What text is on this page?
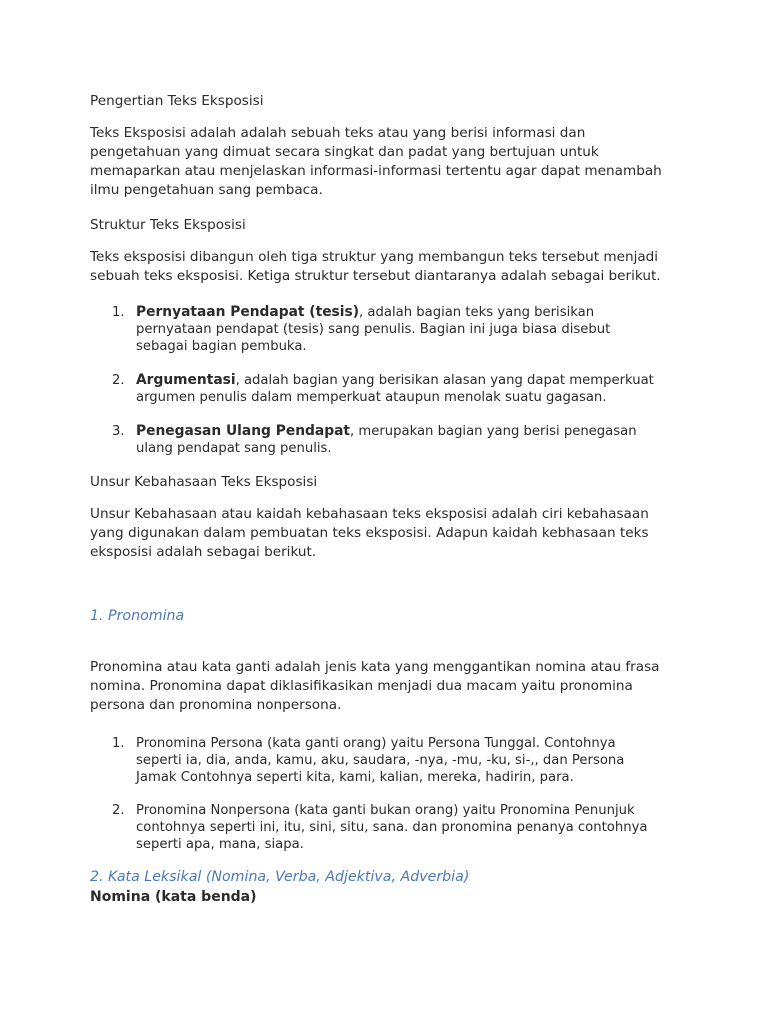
Pengertian Teks Eksposisi

Teks Eksposisi adalah adalah sebuah teks atau yang berisi informasi dan
pengetahuan yang dimuat secara singkat dan padat yang bertujuan untuk
memaparkan atau menjelaskan informasi-informasi tertentu agar dapat menambah
ilmu pengetahuan sang pembaca.

Struktur Teks Eksposisi

Teks eksposisi dibangun oleh tiga struktur yang membangun teks tersebut menjadi
sebuah teks eksposisi. Ketiga struktur tersebut diantaranya adalah sebagai berikut.

1. Pernyataan Pendapat (tesis), adalah bagian teks yang berisikan
pernyataan pendapat (tesis) sang penulis. Bagian ini juga biasa disebut
sebagai bagian pembuka.
2. Argumentasi, adalah bagian yang berisikan alasan yang dapat memperkuat
argumen penulis dalam memperkuat ataupun menolak suatu gagasan.
3. Penegasan Ulang Pendapat, merupakan bagian yang berisi penegasan
ulang pendapat sang penulis.

Unsur Kebahasaan Teks Eksposisi

Unsur Kebahasaan atau kaidah kebahasaan teks eksposisi adalah ciri kebahasaan
yang digunakan dalam pembuatan teks eksposisi. Adapun kaidah kebhasaan teks
eksposisi adalah sebagai berikut.

1. Pronomina

Pronomina atau kata ganti adalah jenis kata yang menggantikan nomina atau frasa
nomina. Pronomina dapat diklasifikasikan menjadi dua macam yaitu pronomina
persona dan pronomina nonpersona.

1. Pronomina Persona (kata ganti orang) yaitu Persona Tunggal. Contohnya
seperti ia, dia, anda, kamu, aku, saudara, -nya, -mu, -ku, si-,, dan Persona
Jamak Contohnya seperti kita, kami, kalian, mereka, hadirin, para.
2. Pronomina Nonpersona (kata ganti bukan orang) yaitu Pronomina Penunjuk
contohnya seperti ini, itu, sini, situ, sana. dan pronomina penanya contohnya
seperti apa, mana, siapa.

2. Kata Leksikal (Nomina, Verba, Adjektiva, Adverbia)

Nomina (kata benda)
